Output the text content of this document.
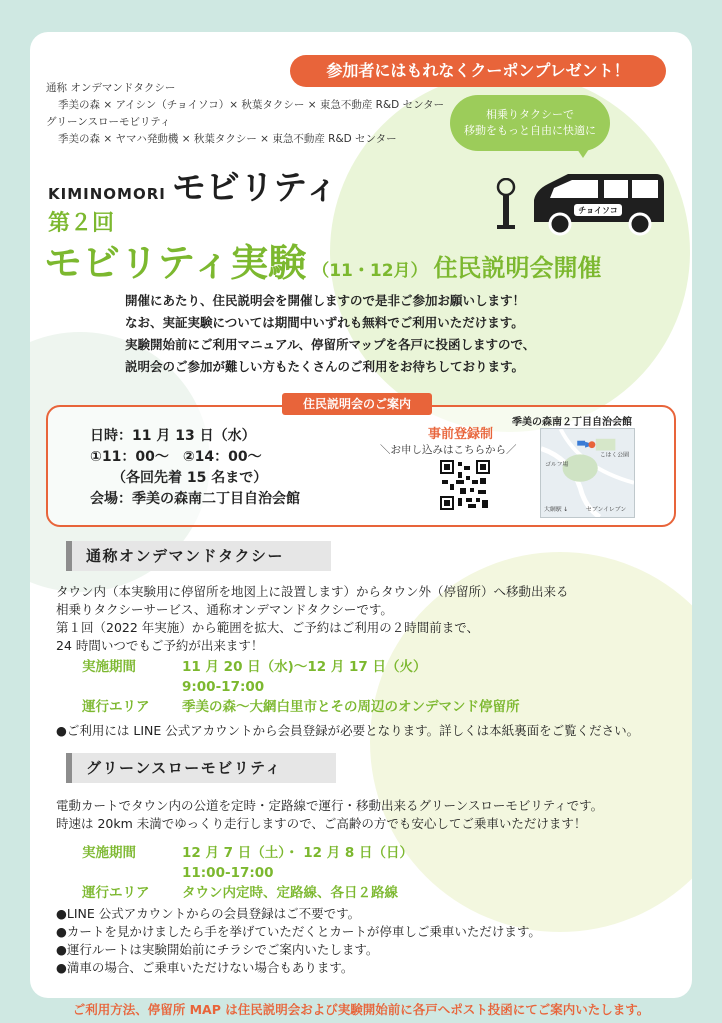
参加者にはもれなくクーポンプレゼント！
通称 オンデマンドタクシー
季美の森 × アイシン（チョイソコ）× 秋葉タクシー × 東急不動産 R&D センター
グリーンスローモビリティ
季美の森 × ヤマハ発動機 × 秋葉タクシー × 東急不動産 R&D センター
相乗りタクシーで
移動をもっと自由に快適に
KIMINOMORI モビリティ
チョイソコ
第２回
モビリティ実験 （11・12月） 住民説明会開催
開催にあたり、住民説明会を開催しますので是非ご参加お願いします！
なお、実証実験については期間中いずれも無料でご利用いただけます。
実験開始前にご利用マニュアル、停留所マップを各戸に投函しますので、
説明会のご参加が難しい方もたくさんのご利用をお待ちしております。
住民説明会のご案内
日時：11 月 13 日（水）
①11：00～　②14：00～
（各回先着 15 名まで）
会場：季美の森南二丁目自治会館
事前登録制
＼お申し込みはこちらから／
季美の森南２丁目自治会館
ゴルフ場
こはく公園
大網駅 ↓	セブンイレブン
通称オンデマンドタクシー
タウン内（本実験用に停留所を地図上に設置します）からタウン外（停留所）へ移動出来る
相乗りタクシーサービス、通称オンデマンドタクシーです。
第１回（2022 年実施）から範囲を拡大、ご予約はご利用の２時間前まで、
24 時間いつでもご予約が出来ます！
実施期間	11 月 20 日（水)～12 月 17 日（火）
9:00-17:00
運行エリア 季美の森～大網白里市とその周辺のオンデマンド停留所
●ご利用には LINE 公式アカウントから会員登録が必要となります。詳しくは本紙裏面をご覧ください。
グリーンスローモビリティ
電動カートでタウン内の公道を定時・定路線で運行・移動出来るグリーンスローモビリティです。
時速は 20km 未満でゆっくり走行しますので、ご高齢の方でも安心してご乗車いただけます！
実施期間	12 月 7 日（土）・ 12 月 8 日（日）
11:00-17:00
運行エリア タウン内定時、定路線、各日２路線
●LINE 公式アカウントからの会員登録はご不要です。
●カートを見かけましたら手を挙げていただくとカートが停車しご乗車いただけます。
●運行ルートは実験開始前にチラシでご案内いたします。
●満車の場合、ご乗車いただけない場合もあります。
ご利用方法、停留所 MAP は住民説明会および実験開始前に各戸へポスト投函にてご案内いたします。
